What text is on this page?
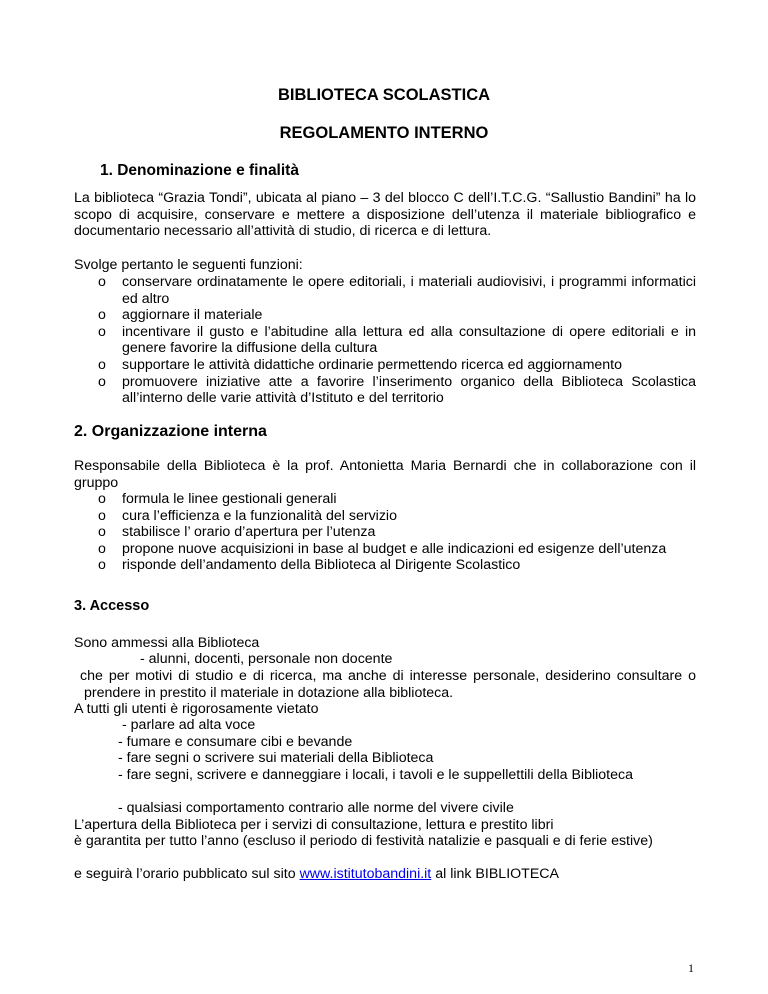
BIBLIOTECA SCOLASTICA
REGOLAMENTO INTERNO
1. Denominazione e finalità
La biblioteca “Grazia Tondi”, ubicata al piano – 3 del blocco C dell’I.T.C.G. “Sallustio Bandini” ha lo scopo di acquisire, conservare e mettere a disposizione dell’utenza il materiale bibliografico e documentario necessario all’attività di studio, di ricerca e di lettura.
Svolge pertanto le seguenti funzioni:
o conservare ordinatamente le opere editoriali, i materiali audiovisivi, i programmi informatici ed altro
o aggiornare il materiale
o incentivare il gusto e l’abitudine alla lettura ed alla consultazione di opere editoriali e in genere favorire la diffusione della cultura
o supportare le attività didattiche ordinarie permettendo ricerca ed aggiornamento
o promuovere iniziative atte a favorire l’inserimento organico della Biblioteca Scolastica all’interno delle varie attività d’Istituto e del territorio
2. Organizzazione interna
Responsabile della Biblioteca è la prof. Antonietta Maria Bernardi che in collaborazione con il gruppo
o formula le linee gestionali generali
o cura l’efficienza e la funzionalità del servizio
o stabilisce l’ orario d’apertura per l’utenza
o propone nuove acquisizioni in base al budget e alle indicazioni ed esigenze dell’utenza
o risponde dell’andamento della Biblioteca al Dirigente Scolastico
3. Accesso
Sono ammessi alla Biblioteca
- alunni, docenti, personale non docente
che per motivi di studio e di ricerca, ma anche di interesse personale, desiderino consultare o prendere in prestito il materiale in dotazione alla biblioteca.
A tutti gli utenti è rigorosamente vietato
- parlare ad alta voce
- fumare e consumare cibi e bevande
- fare segni o scrivere sui materiali della Biblioteca
- fare segni, scrivere e danneggiare i locali, i tavoli e le suppellettili della Biblioteca
- qualsiasi comportamento contrario alle norme del vivere civile
L’apertura della Biblioteca per i servizi di consultazione, lettura e prestito libri
è garantita per tutto l’anno (escluso il periodo di festività natalizie e pasquali e di ferie estive)
e seguirà l’orario pubblicato sul sito www.istitutobandini.it al link BIBLIOTECA
1
